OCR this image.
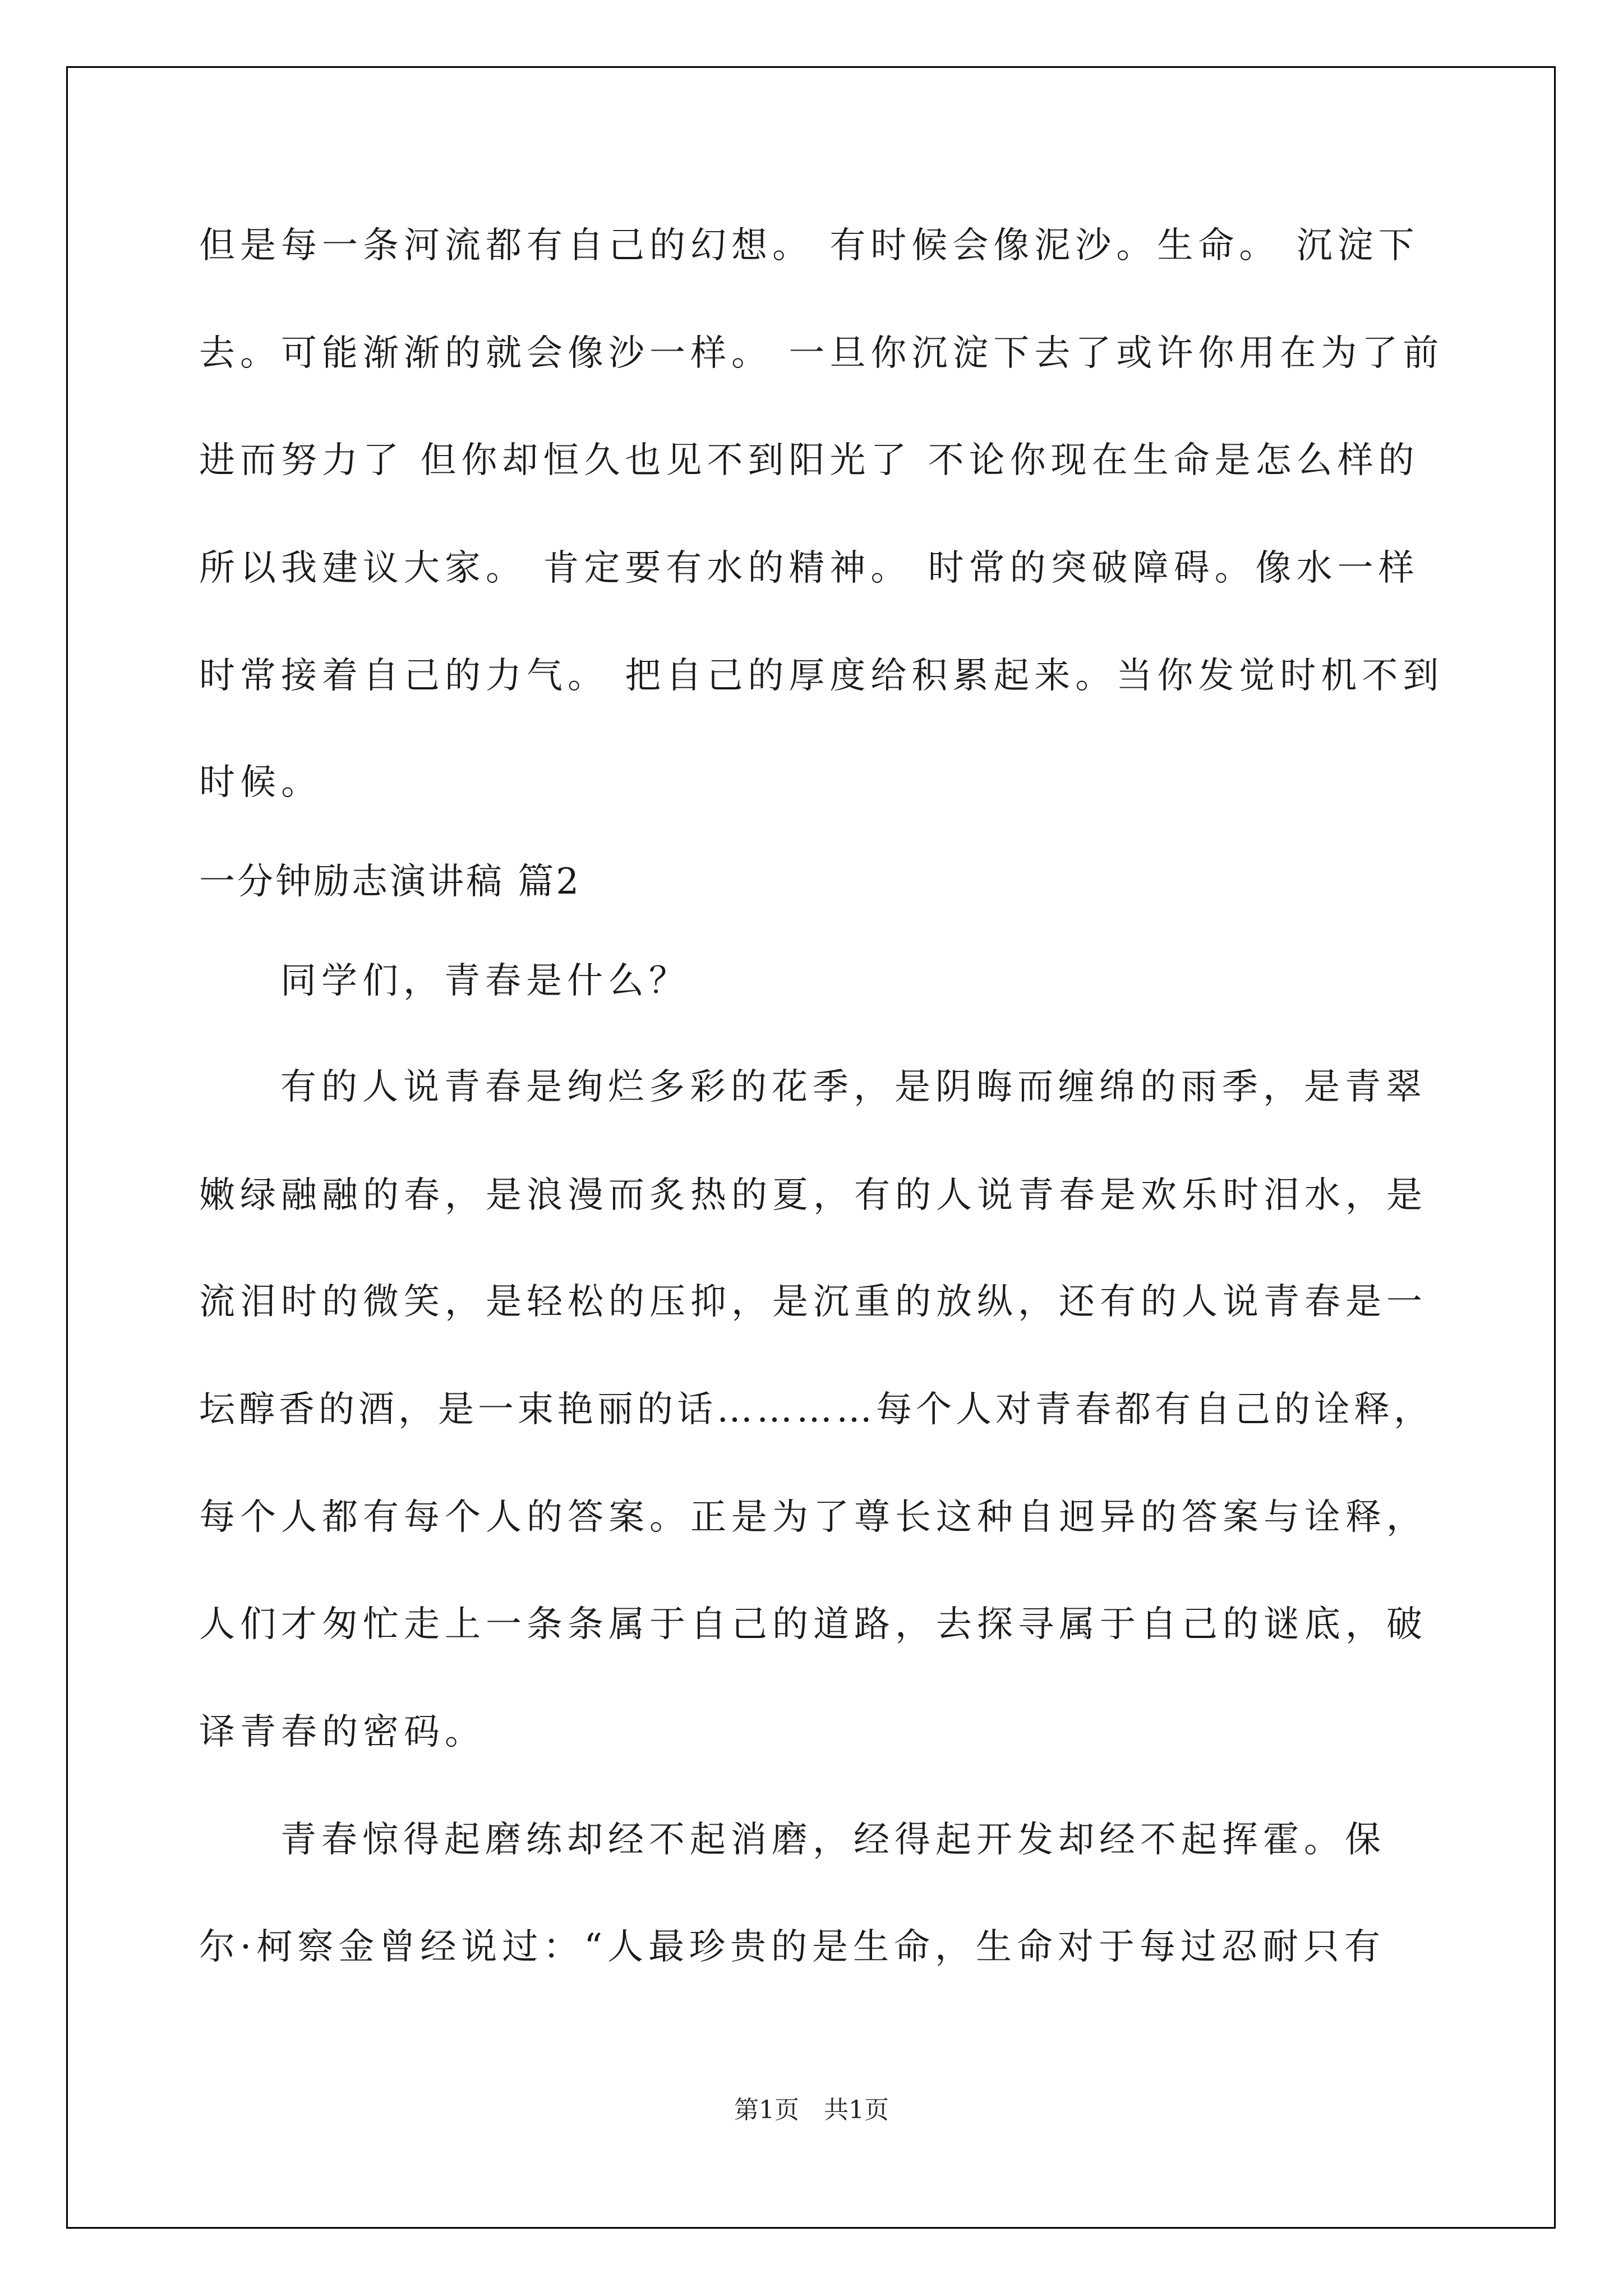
但是每一条河流都有自己的幻想。 有时候会像泥沙。生命。 沉淀下
去。可能渐渐的就会像沙一样。 一旦你沉淀下去了或许你用在为了前
进而努力了 但你却恒久也见不到阳光了 不论你现在生命是怎么样的
所以我建议大家。 肯定要有水的精神。 时常的突破障碍。像水一样
时常接着自己的力气。 把自己的厚度给积累起来。当你发觉时机不到
时候。
一分钟励志演讲稿 篇2
同学们，青春是什么？
有的人说青春是绚烂多彩的花季，是阴晦而缠绵的雨季，是青翠
嫩绿融融的春，是浪漫而炙热的夏，有的人说青春是欢乐时泪水，是
流泪时的微笑，是轻松的压抑，是沉重的放纵，还有的人说青春是一
坛醇香的酒，是一束艳丽的话…………每个人对青春都有自己的诠释，
每个人都有每个人的答案。正是为了尊长这种自迥异的答案与诠释，
人们才匆忙走上一条条属于自己的道路，去探寻属于自己的谜底，破
译青春的密码。
青春惊得起磨练却经不起消磨，经得起开发却经不起挥霍。保
尔·柯察金曾经说过：“人最珍贵的是生命，生命对于每过忍耐只有
第1页　共1页
